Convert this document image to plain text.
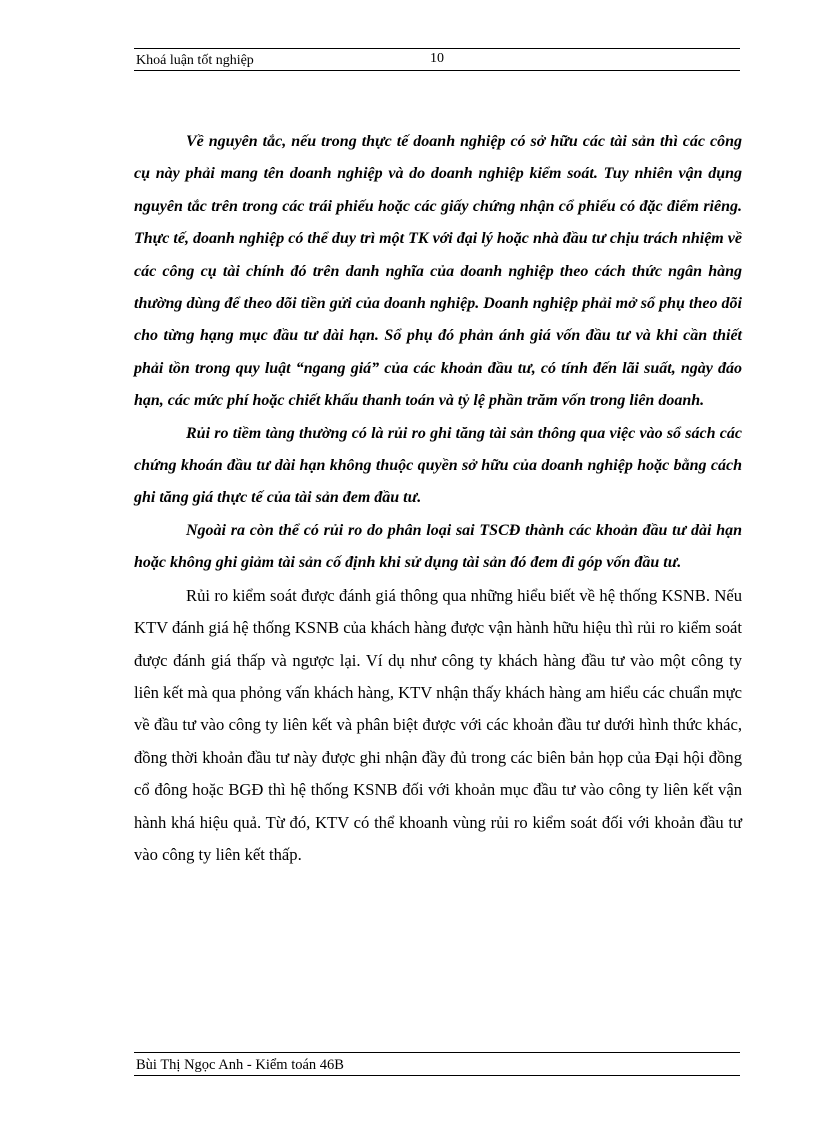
Khoá luận tốt nghiệp	10

Về nguyên tắc, nếu trong thực tế doanh nghiệp có sở hữu các tài sản thì các công cụ này phải mang tên doanh nghiệp và do doanh nghiệp kiểm soát. Tuy nhiên vận dụng nguyên tắc trên trong các trái phiếu hoặc các giấy chứng nhận cổ phiếu có đặc điểm riêng. Thực tế, doanh nghiệp có thể duy trì một TK với đại lý hoặc nhà đầu tư chịu trách nhiệm về các công cụ tài chính đó trên danh nghĩa của doanh nghiệp theo cách thức ngân hàng thường dùng để theo dõi tiền gửi của doanh nghiệp. Doanh nghiệp phải mở sổ phụ theo dõi cho từng hạng mục đầu tư dài hạn. Sổ phụ đó phản ánh giá vốn đầu tư và khi cần thiết phải tồn trong quy luật “ngang giá” của các khoản đầu tư, có tính đến lãi suất, ngày đáo hạn, các mức phí hoặc chiết khấu thanh toán và tỷ lệ phần trăm vốn trong liên doanh.

Rủi ro tiềm tàng thường có là rủi ro ghi tăng tài sản thông qua việc vào sổ sách các chứng khoán đầu tư dài hạn không thuộc quyền sở hữu của doanh nghiệp hoặc bằng cách ghi tăng giá thực tế của tài sản đem đầu tư.

Ngoài ra còn thể có rủi ro do phân loại sai TSCĐ thành các khoản đầu tư dài hạn hoặc không ghi giảm tài sản cố định khi sử dụng tài sản đó đem đi góp vốn đầu tư.

Rủi ro kiểm soát được đánh giá thông qua những hiểu biết về hệ thống KSNB. Nếu KTV đánh giá hệ thống KSNB của khách hàng được vận hành hữu hiệu thì rủi ro kiểm soát được đánh giá thấp và ngược lại. Ví dụ như công ty khách hàng đầu tư vào một công ty liên kết mà qua phỏng vấn khách hàng, KTV nhận thấy khách hàng am hiểu các chuẩn mực về đầu tư vào công ty liên kết và phân biệt được với các khoản đầu tư dưới hình thức khác, đồng thời khoản đầu tư này được ghi nhận đầy đủ trong các biên bản họp của Đại hội đồng cổ đông hoặc BGĐ thì hệ thống KSNB đối với khoản mục đầu tư vào công ty liên kết vận hành khá hiệu quả. Từ đó, KTV có thể khoanh vùng rủi ro kiểm soát đối với khoản đầu tư vào công ty liên kết thấp.

Bùi Thị Ngọc Anh - Kiểm toán 46B
